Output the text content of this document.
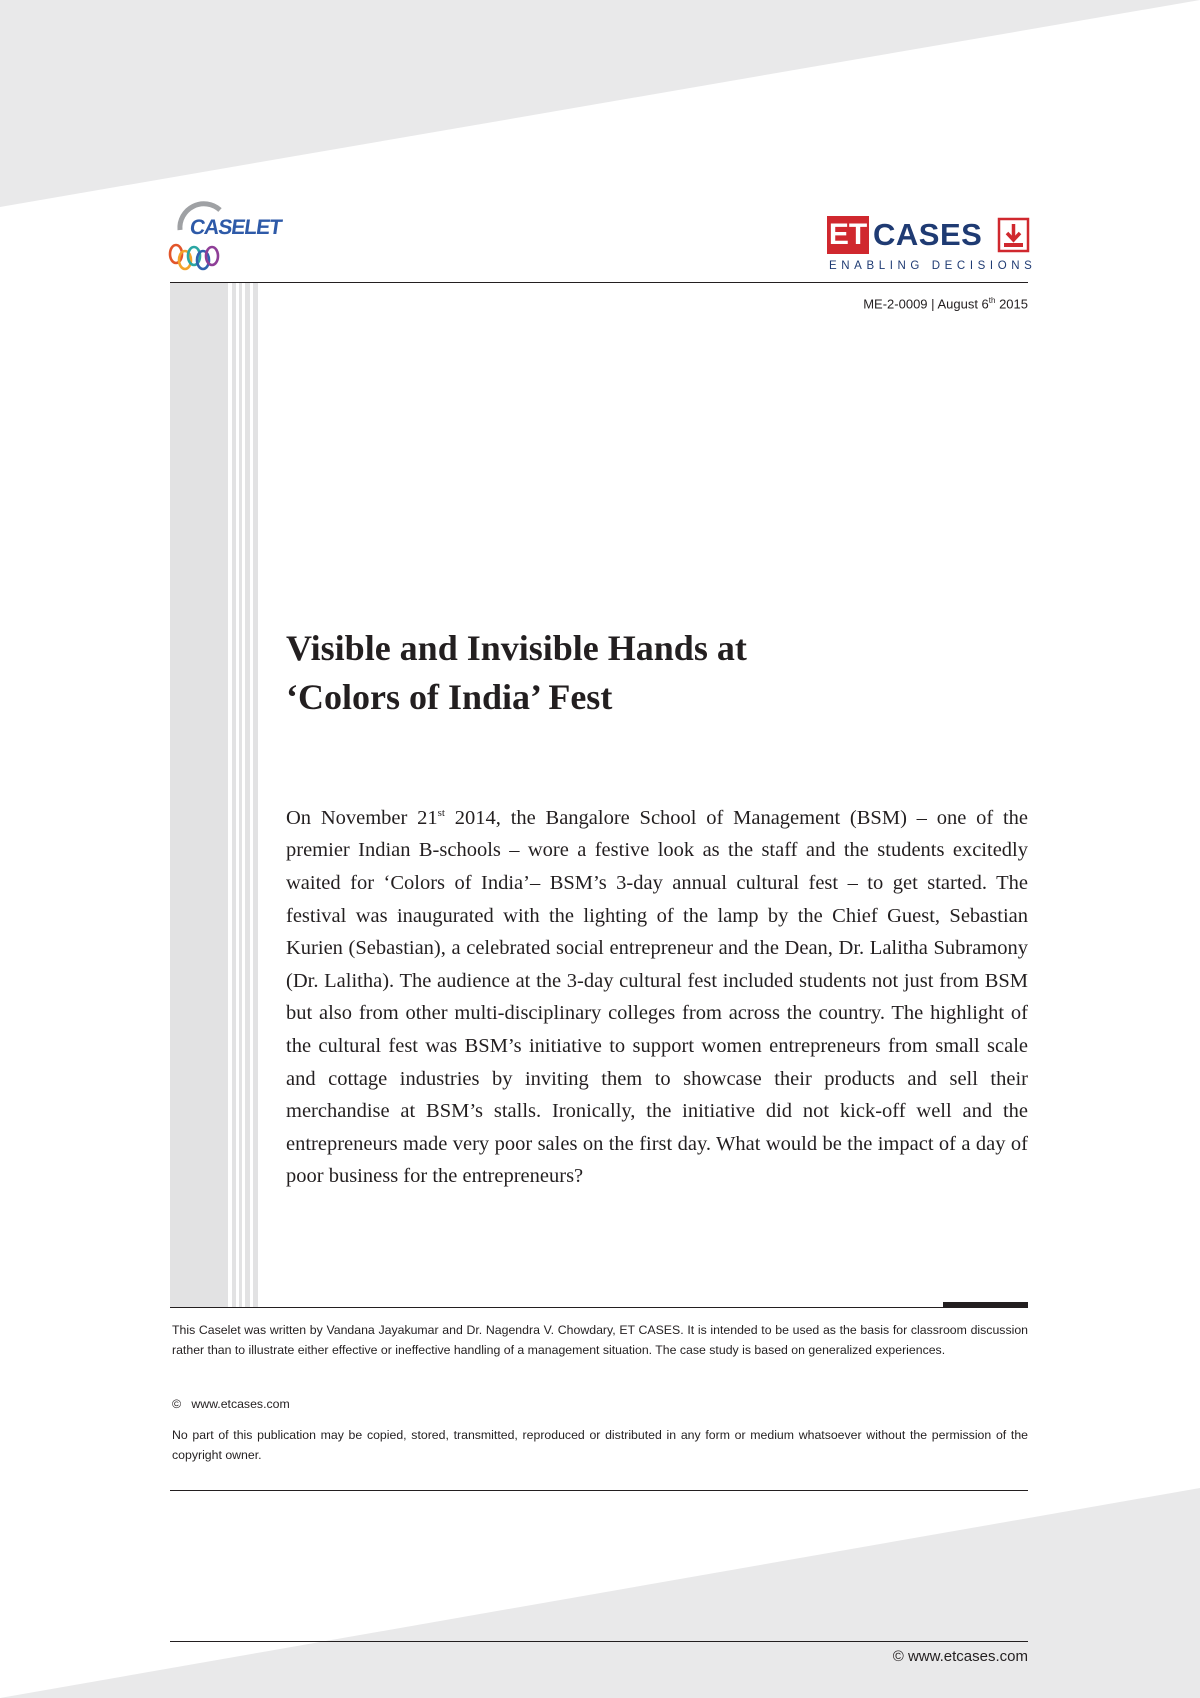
CASELET	ET CASES
ENABLING DECISIONS
ME-2-0009 | August 6th 2015
Visible and Invisible Hands at
‘Colors of India’ Fest

On November 21st 2014, the Bangalore School of Management (BSM) – one of the premier Indian B-schools – wore a festive look as the staff and the students excitedly waited for ‘Colors of India’– BSM’s 3-day annual cultural fest – to get started. The festival was inaugurated with the lighting of the lamp by the Chief Guest, Sebastian Kurien (Sebastian), a celebrated social entrepreneur and the Dean, Dr. Lalitha Subramony (Dr. Lalitha). The audience at the 3-day cultural fest included students not just from BSM but also from other multi-disciplinary colleges from across the country. The highlight of the cultural fest was BSM’s initiative to support women entrepreneurs from small scale and cottage industries by inviting them to showcase their products and sell their merchandise at BSM’s stalls. Ironically, the initiative did not kick-off well and the entrepreneurs made very poor sales on the first day. What would be the impact of a day of poor business for the entrepreneurs?

This Caselet was written by Vandana Jayakumar and Dr. Nagendra V. Chowdary, ET CASES. It is intended to be used as the basis for classroom discussion rather than to illustrate either effective or ineffective handling of a management situation. The case study is based on generalized experiences.

© www.etcases.com

No part of this publication may be copied, stored, transmitted, reproduced or distributed in any form or medium whatsoever without the permission of the copyright owner.

© www.etcases.com
